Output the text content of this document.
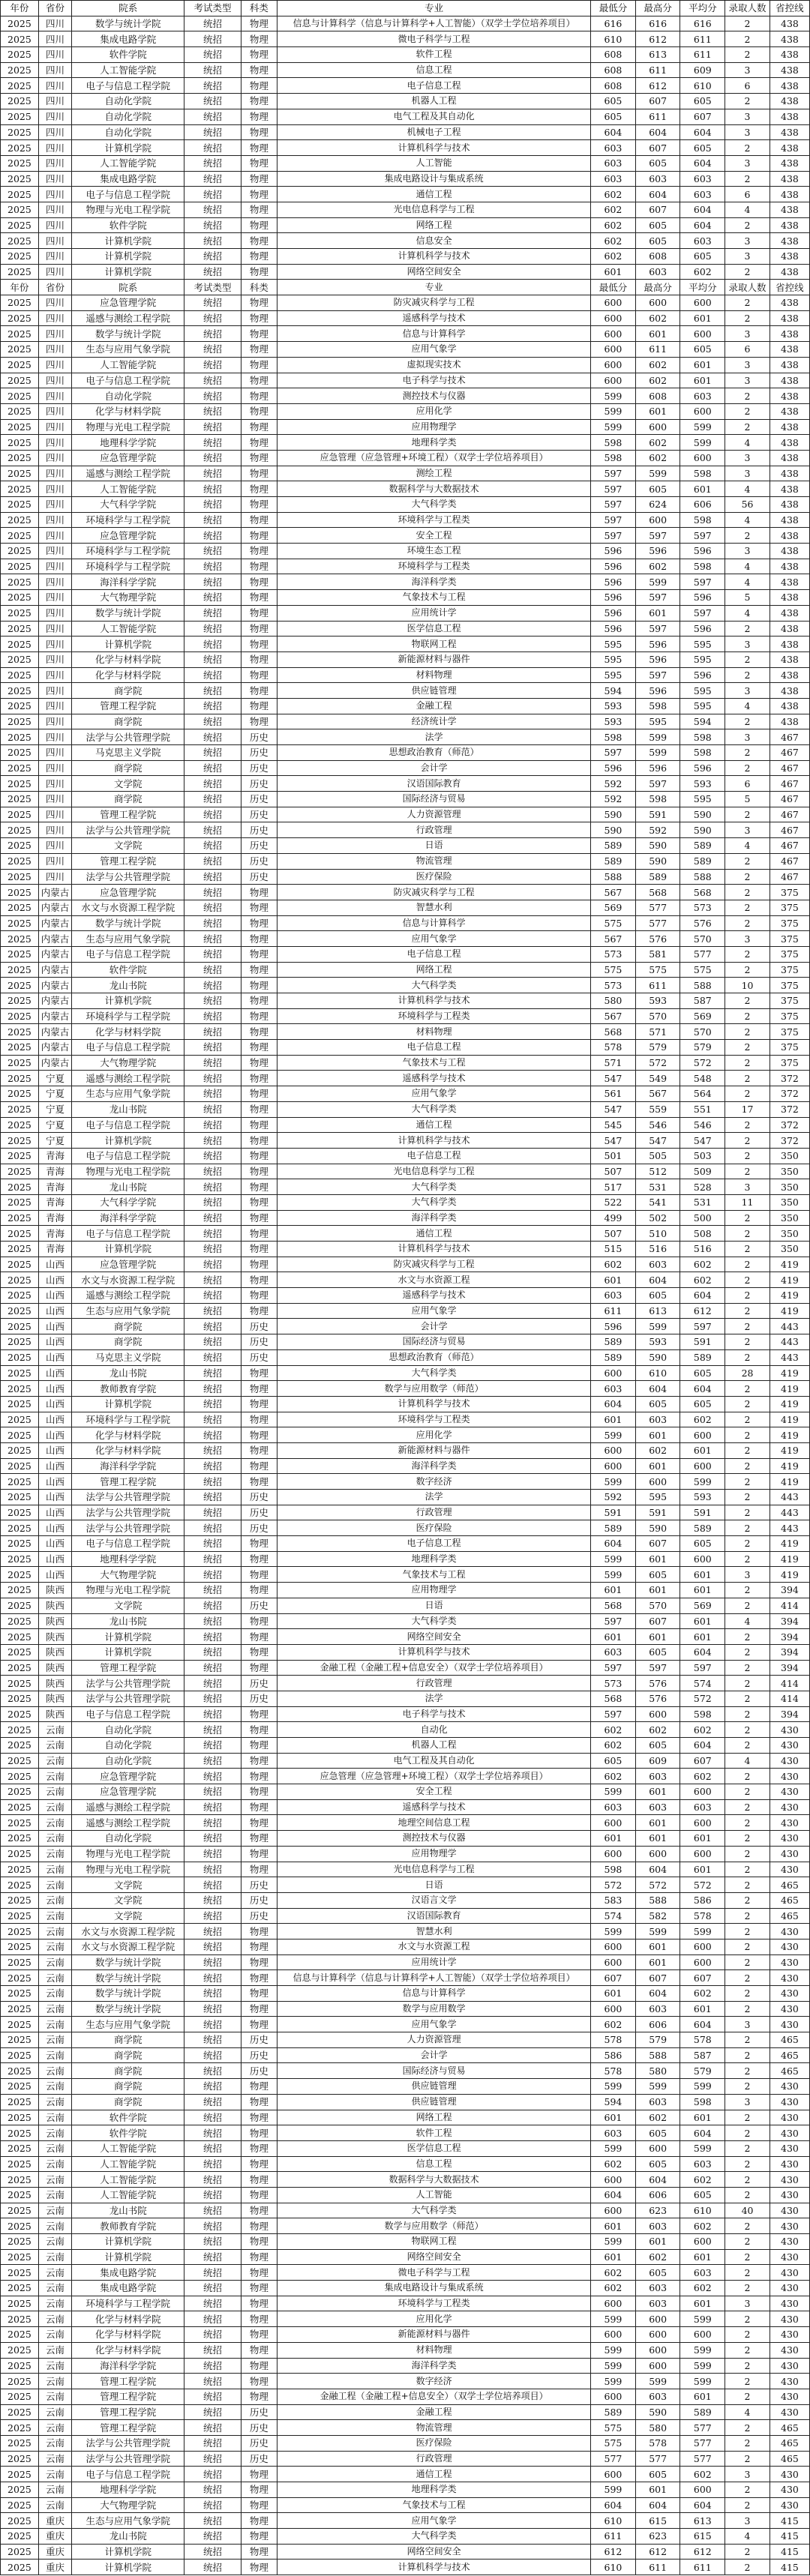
年份	省份	院系	考试类型	科类	专业	最低分	最高分	平均分	录取人数	省控线
2025	四川	数学与统计学院	统招	物理	信息与计算科学（信息与计算科学+人工智能）（双学士学位培养项目）	616	616	616	2	438
2025	四川	集成电路学院	统招	物理	微电子科学与工程	610	612	611	2	438
2025	四川	软件学院	统招	物理	软件工程	608	613	611	2	438
2025	四川	人工智能学院	统招	物理	信息工程	608	611	609	3	438
2025	四川	电子与信息工程学院	统招	物理	电子信息工程	608	612	610	6	438
2025	四川	自动化学院	统招	物理	机器人工程	605	607	605	2	438
2025	四川	自动化学院	统招	物理	电气工程及其自动化	605	611	607	3	438
2025	四川	自动化学院	统招	物理	机械电子工程	604	604	604	3	438
2025	四川	计算机学院	统招	物理	计算机科学与技术	603	607	605	2	438
2025	四川	人工智能学院	统招	物理	人工智能	603	605	604	3	438
2025	四川	集成电路学院	统招	物理	集成电路设计与集成系统	603	603	603	2	438
2025	四川	电子与信息工程学院	统招	物理	通信工程	602	604	603	6	438
2025	四川	物理与光电工程学院	统招	物理	光电信息科学与工程	602	607	604	4	438
2025	四川	软件学院	统招	物理	网络工程	602	605	604	2	438
2025	四川	计算机学院	统招	物理	信息安全	602	605	603	3	438
2025	四川	计算机学院	统招	物理	计算机科学与技术	602	608	605	3	438
2025	四川	计算机学院	统招	物理	网络空间安全	601	603	602	2	438
年份	省份	院系	考试类型	科类	专业	最低分	最高分	平均分	录取人数	省控线
2025	四川	应急管理学院	统招	物理	防灾减灾科学与工程	600	600	600	2	438
2025	四川	遥感与测绘工程学院	统招	物理	遥感科学与技术	600	602	601	2	438
2025	四川	数学与统计学院	统招	物理	信息与计算科学	600	601	600	3	438
2025	四川	生态与应用气象学院	统招	物理	应用气象学	600	611	605	6	438
2025	四川	人工智能学院	统招	物理	虚拟现实技术	600	602	601	3	438
2025	四川	电子与信息工程学院	统招	物理	电子科学与技术	600	602	601	3	438
2025	四川	自动化学院	统招	物理	测控技术与仪器	599	608	603	2	438
2025	四川	化学与材料学院	统招	物理	应用化学	599	601	600	2	438
2025	四川	物理与光电工程学院	统招	物理	应用物理学	599	600	599	2	438
2025	四川	地理科学学院	统招	物理	地理科学类	598	602	599	4	438
2025	四川	应急管理学院	统招	物理	应急管理（应急管理+环境工程）（双学士学位培养项目）	598	602	600	3	438
2025	四川	遥感与测绘工程学院	统招	物理	测绘工程	597	599	598	3	438
2025	四川	人工智能学院	统招	物理	数据科学与大数据技术	597	605	601	4	438
2025	四川	大气科学学院	统招	物理	大气科学类	597	624	606	56	438
2025	四川	环境科学与工程学院	统招	物理	环境科学与工程类	597	600	598	4	438
2025	四川	应急管理学院	统招	物理	安全工程	597	597	597	2	438
2025	四川	环境科学与工程学院	统招	物理	环境生态工程	596	596	596	3	438
2025	四川	环境科学与工程学院	统招	物理	环境科学与工程类	596	602	598	4	438
2025	四川	海洋科学学院	统招	物理	海洋科学类	596	599	597	4	438
2025	四川	大气物理学院	统招	物理	气象技术与工程	596	597	596	5	438
2025	四川	数学与统计学院	统招	物理	应用统计学	596	601	597	4	438
2025	四川	人工智能学院	统招	物理	医学信息工程	596	597	596	2	438
2025	四川	计算机学院	统招	物理	物联网工程	595	596	595	3	438
2025	四川	化学与材料学院	统招	物理	新能源材料与器件	595	596	595	2	438
2025	四川	化学与材料学院	统招	物理	材料物理	595	597	596	2	438
2025	四川	商学院	统招	物理	供应链管理	594	596	595	3	438
2025	四川	管理工程学院	统招	物理	金融工程	593	598	595	4	438
2025	四川	商学院	统招	物理	经济统计学	593	595	594	2	438
2025	四川	法学与公共管理学院	统招	历史	法学	598	599	598	3	467
2025	四川	马克思主义学院	统招	历史	思想政治教育（师范）	597	599	598	2	467
2025	四川	商学院	统招	历史	会计学	596	596	596	2	467
2025	四川	文学院	统招	历史	汉语国际教育	592	597	593	6	467
2025	四川	商学院	统招	历史	国际经济与贸易	592	598	595	5	467
2025	四川	管理工程学院	统招	历史	人力资源管理	590	591	590	2	467
2025	四川	法学与公共管理学院	统招	历史	行政管理	590	592	590	3	467
2025	四川	文学院	统招	历史	日语	589	590	589	4	467
2025	四川	管理工程学院	统招	历史	物流管理	589	590	589	2	467
2025	四川	法学与公共管理学院	统招	历史	医疗保险	588	589	588	2	467
2025	内蒙古	应急管理学院	统招	物理	防灾减灾科学与工程	567	568	568	2	375
2025	内蒙古	水文与水资源工程学院	统招	物理	智慧水利	569	577	573	2	375
2025	内蒙古	数学与统计学院	统招	物理	信息与计算科学	575	577	576	2	375
2025	内蒙古	生态与应用气象学院	统招	物理	应用气象学	567	576	570	3	375
2025	内蒙古	电子与信息工程学院	统招	物理	电子信息工程	573	581	577	2	375
2025	内蒙古	软件学院	统招	物理	网络工程	575	575	575	2	375
2025	内蒙古	龙山书院	统招	物理	大气科学类	573	611	588	10	375
2025	内蒙古	计算机学院	统招	物理	计算机科学与技术	580	593	587	2	375
2025	内蒙古	环境科学与工程学院	统招	物理	环境科学与工程类	567	570	569	2	375
2025	内蒙古	化学与材料学院	统招	物理	材料物理	568	571	570	2	375
2025	内蒙古	电子与信息工程学院	统招	物理	电子信息工程	578	579	579	2	375
2025	内蒙古	大气物理学院	统招	物理	气象技术与工程	571	572	572	2	375
2025	宁夏	遥感与测绘工程学院	统招	物理	遥感科学与技术	547	549	548	2	372
2025	宁夏	生态与应用气象学院	统招	物理	应用气象学	561	567	564	2	372
2025	宁夏	龙山书院	统招	物理	大气科学类	547	559	551	17	372
2025	宁夏	电子与信息工程学院	统招	物理	通信工程	545	546	546	2	372
2025	宁夏	计算机学院	统招	物理	计算机科学与技术	547	547	547	2	372
2025	青海	电子与信息工程学院	统招	物理	电子信息工程	501	505	503	2	350
2025	青海	物理与光电工程学院	统招	物理	光电信息科学与工程	507	512	509	2	350
2025	青海	龙山书院	统招	物理	大气科学类	517	531	528	3	350
2025	青海	大气科学学院	统招	物理	大气科学类	522	541	531	11	350
2025	青海	海洋科学学院	统招	物理	海洋科学类	499	502	500	2	350
2025	青海	电子与信息工程学院	统招	物理	通信工程	507	510	508	2	350
2025	青海	计算机学院	统招	物理	计算机科学与技术	515	516	516	2	350
2025	山西	应急管理学院	统招	物理	防灾减灾科学与工程	602	603	602	2	419
2025	山西	水文与水资源工程学院	统招	物理	水文与水资源工程	601	604	602	2	419
2025	山西	遥感与测绘工程学院	统招	物理	遥感科学与技术	603	605	604	2	419
2025	山西	生态与应用气象学院	统招	物理	应用气象学	611	613	612	2	419
2025	山西	商学院	统招	历史	会计学	596	599	597	2	443
2025	山西	商学院	统招	历史	国际经济与贸易	589	593	591	2	443
2025	山西	马克思主义学院	统招	历史	思想政治教育（师范）	589	590	589	2	443
2025	山西	龙山书院	统招	物理	大气科学类	600	610	605	28	419
2025	山西	教师教育学院	统招	物理	数学与应用数学（师范）	603	604	604	2	419
2025	山西	计算机学院	统招	物理	计算机科学与技术	604	605	605	2	419
2025	山西	环境科学与工程学院	统招	物理	环境科学与工程类	601	603	602	2	419
2025	山西	化学与材料学院	统招	物理	应用化学	599	601	600	2	419
2025	山西	化学与材料学院	统招	物理	新能源材料与器件	600	602	601	2	419
2025	山西	海洋科学学院	统招	物理	海洋科学类	600	601	600	2	419
2025	山西	管理工程学院	统招	物理	数字经济	599	600	599	2	419
2025	山西	法学与公共管理学院	统招	历史	法学	592	595	593	2	443
2025	山西	法学与公共管理学院	统招	历史	行政管理	591	591	591	2	443
2025	山西	法学与公共管理学院	统招	历史	医疗保险	589	590	589	2	443
2025	山西	电子与信息工程学院	统招	物理	电子信息工程	604	607	605	2	419
2025	山西	地理科学学院	统招	物理	地理科学类	599	601	600	2	419
2025	山西	大气物理学院	统招	物理	气象技术与工程	599	605	601	3	419
2025	陕西	物理与光电工程学院	统招	物理	应用物理学	601	601	601	2	394
2025	陕西	文学院	统招	历史	日语	568	570	569	2	414
2025	陕西	龙山书院	统招	物理	大气科学类	597	607	601	4	394
2025	陕西	计算机学院	统招	物理	网络空间安全	601	601	601	2	394
2025	陕西	计算机学院	统招	物理	计算机科学与技术	603	605	604	2	394
2025	陕西	管理工程学院	统招	物理	金融工程（金融工程+信息安全）（双学士学位培养项目）	597	597	597	2	394
2025	陕西	法学与公共管理学院	统招	历史	行政管理	573	576	574	2	414
2025	陕西	法学与公共管理学院	统招	历史	法学	568	576	572	2	414
2025	陕西	电子与信息工程学院	统招	物理	电子科学与技术	597	600	598	2	394
2025	云南	自动化学院	统招	物理	自动化	602	602	602	2	430
2025	云南	自动化学院	统招	物理	机器人工程	602	605	604	2	430
2025	云南	自动化学院	统招	物理	电气工程及其自动化	605	609	607	4	430
2025	云南	应急管理学院	统招	物理	应急管理（应急管理+环境工程）（双学士学位培养项目）	602	603	602	2	430
2025	云南	应急管理学院	统招	物理	安全工程	599	601	600	2	430
2025	云南	遥感与测绘工程学院	统招	物理	遥感科学与技术	603	603	603	2	430
2025	云南	遥感与测绘工程学院	统招	物理	地理空间信息工程	600	601	600	2	430
2025	云南	自动化学院	统招	物理	测控技术与仪器	601	601	601	2	430
2025	云南	物理与光电工程学院	统招	物理	应用物理学	600	600	600	2	430
2025	云南	物理与光电工程学院	统招	物理	光电信息科学与工程	598	604	601	2	430
2025	云南	文学院	统招	历史	日语	572	572	572	2	465
2025	云南	文学院	统招	历史	汉语言文学	583	588	586	2	465
2025	云南	文学院	统招	历史	汉语国际教育	574	582	578	2	465
2025	云南	水文与水资源工程学院	统招	物理	智慧水利	599	599	599	2	430
2025	云南	水文与水资源工程学院	统招	物理	水文与水资源工程	600	601	600	2	430
2025	云南	数学与统计学院	统招	物理	应用统计学	600	601	600	2	430
2025	云南	数学与统计学院	统招	物理	信息与计算科学（信息与计算科学+人工智能）（双学士学位培养项目）	607	607	607	2	430
2025	云南	数学与统计学院	统招	物理	信息与计算科学	601	604	602	2	430
2025	云南	数学与统计学院	统招	物理	数学与应用数学	600	603	601	2	430
2025	云南	生态与应用气象学院	统招	物理	应用气象学	602	606	604	3	430
2025	云南	商学院	统招	历史	人力资源管理	578	579	578	2	465
2025	云南	商学院	统招	历史	会计学	586	588	587	2	465
2025	云南	商学院	统招	历史	国际经济与贸易	578	580	579	2	465
2025	云南	商学院	统招	物理	供应链管理	599	599	599	2	430
2025	云南	商学院	统招	物理	供应链管理	594	603	598	3	430
2025	云南	软件学院	统招	物理	网络工程	601	602	601	2	430
2025	云南	软件学院	统招	物理	软件工程	603	605	604	2	430
2025	云南	人工智能学院	统招	物理	医学信息工程	599	600	599	2	430
2025	云南	人工智能学院	统招	物理	信息工程	602	605	603	2	430
2025	云南	人工智能学院	统招	物理	数据科学与大数据技术	600	604	602	2	430
2025	云南	人工智能学院	统招	物理	人工智能	604	606	605	2	430
2025	云南	龙山书院	统招	物理	大气科学类	600	623	610	40	430
2025	云南	教师教育学院	统招	物理	数学与应用数学（师范）	601	603	602	2	430
2025	云南	计算机学院	统招	物理	物联网工程	599	601	600	2	430
2025	云南	计算机学院	统招	物理	网络空间安全	601	602	601	2	430
2025	云南	集成电路学院	统招	物理	微电子科学与工程	602	605	603	2	430
2025	云南	集成电路学院	统招	物理	集成电路设计与集成系统	602	603	602	2	430
2025	云南	环境科学与工程学院	统招	物理	环境科学与工程类	600	603	601	3	430
2025	云南	化学与材料学院	统招	物理	应用化学	599	600	599	2	430
2025	云南	化学与材料学院	统招	物理	新能源材料与器件	600	600	600	2	430
2025	云南	化学与材料学院	统招	物理	材料物理	599	600	599	2	430
2025	云南	海洋科学学院	统招	物理	海洋科学类	599	600	599	2	430
2025	云南	管理工程学院	统招	物理	数字经济	599	599	599	2	430
2025	云南	管理工程学院	统招	物理	金融工程（金融工程+信息安全）（双学士学位培养项目）	600	603	601	2	430
2025	云南	管理工程学院	统招	历史	金融工程	589	590	589	4	430
2025	云南	管理工程学院	统招	历史	物流管理	575	580	577	2	465
2025	云南	法学与公共管理学院	统招	历史	医疗保险	575	578	577	2	465
2025	云南	法学与公共管理学院	统招	历史	行政管理	577	577	577	2	465
2025	云南	电子与信息工程学院	统招	物理	通信工程	600	605	602	3	430
2025	云南	地理科学学院	统招	物理	地理科学类	599	601	600	2	430
2025	云南	大气物理学院	统招	物理	气象技术与工程	604	604	604	2	430
2025	重庆	生态与应用气象学院	统招	物理	应用气象学	610	615	613	3	415
2025	重庆	龙山书院	统招	物理	大气科学类	611	623	615	4	415
2025	重庆	计算机学院	统招	物理	网络空间安全	612	612	612	2	415
2025	重庆	计算机学院	统招	物理	计算机科学与技术	610	611	611	2	415
